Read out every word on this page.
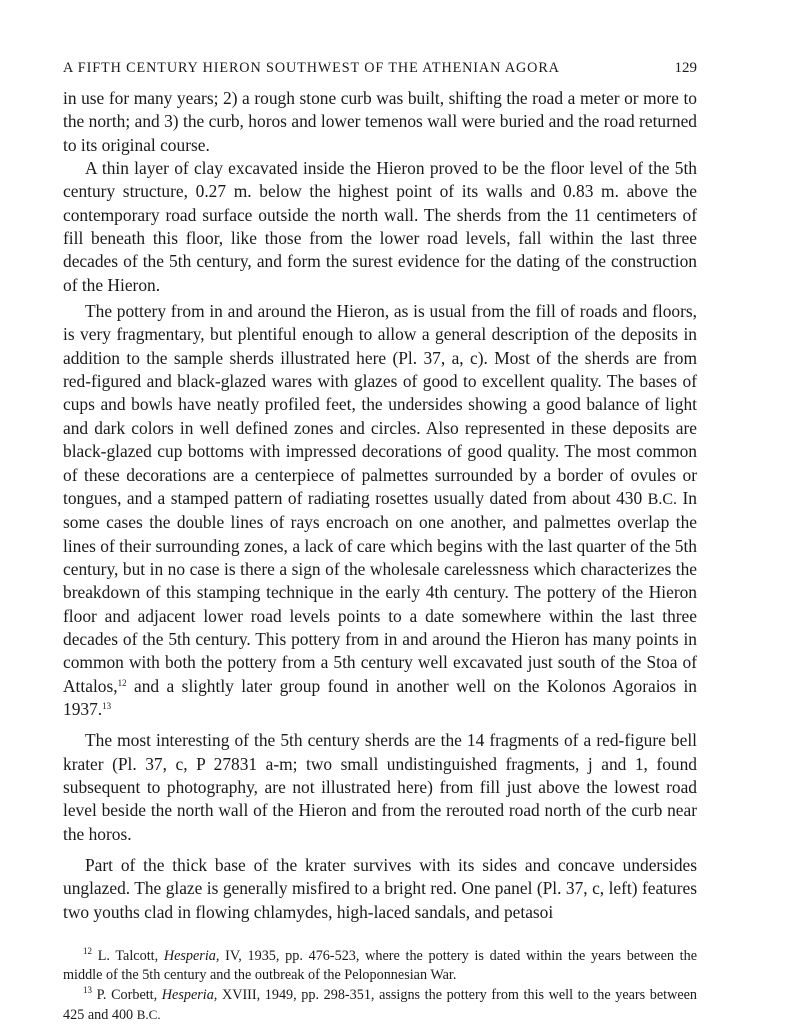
A FIFTH CENTURY HIERON SOUTHWEST OF THE ATHENIAN AGORA	129

in use for many years; 2) a rough stone curb was built, shifting the road a meter or more to the north; and 3) the curb, horos and lower temenos wall were buried and the road returned to its original course.

A thin layer of clay excavated inside the Hieron proved to be the floor level of the 5th century structure, 0.27 m. below the highest point of its walls and 0.83 m. above the contemporary road surface outside the north wall. The sherds from the 11 centimeters of fill beneath this floor, like those from the lower road levels, fall within the last three decades of the 5th century, and form the surest evidence for the dating of the construction of the Hieron.

The pottery from in and around the Hieron, as is usual from the fill of roads and floors, is very fragmentary, but plentiful enough to allow a general description of the deposits in addition to the sample sherds illustrated here (Pl. 37, a, c). Most of the sherds are from red-figured and black-glazed wares with glazes of good to excellent quality. The bases of cups and bowls have neatly profiled feet, the undersides showing a good balance of light and dark colors in well defined zones and circles. Also represented in these deposits are black-glazed cup bottoms with impressed decorations of good quality. The most common of these decorations are a centerpiece of palmettes surrounded by a border of ovules or tongues, and a stamped pattern of radiating rosettes usually dated from about 430 B.C. In some cases the double lines of rays encroach on one another, and palmettes overlap the lines of their surrounding zones, a lack of care which begins with the last quarter of the 5th century, but in no case is there a sign of the wholesale carelessness which characterizes the breakdown of this stamping technique in the early 4th century. The pottery of the Hieron floor and adjacent lower road levels points to a date somewhere within the last three decades of the 5th century. This pottery from in and around the Hieron has many points in common with both the pottery from a 5th century well excavated just south of the Stoa of Attalos,$^{12}$ and a slightly later group found in another well on the Kolonos Agoraios in 1937.13

The most interesting of the 5th century sherds are the 14 fragments of a red-figure bell krater (Pl. 37, c, P 27831 a-m; two small undistinguished fragments, j and 1, found subsequent to photography, are not illustrated here) from fill just above the lowest road level beside the north wall of the Hieron and from the rerouted road north of the curb near the horos.

Part of the thick base of the krater survives with its sides and concave undersides unglazed. The glaze is generally misfired to a bright red. One panel (Pl. 37, c, left) features two youths clad in flowing chlamydes, high-laced sandals, and petasoi

$^{12}$ L. Talcott, Hesperia, IV, 1935, pp. 476-523, where the pottery is dated within the years between the middle of the 5th century and the outbreak of the Peloponnesian War.

$^{13}$ P. Corbett, Hesperia, XVIII, 1949, pp. 298-351, assigns the pottery from this well to the years between 425 and 400 B.C.
